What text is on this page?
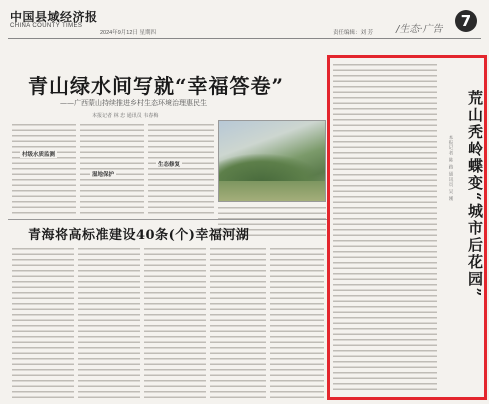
中国县域经济报
CHINA COUNTY TIMES
2024年9月12日 星期四	责任编辑：刘 芳 /生态·广告	7
青山绿水间写就“幸福答卷”
——广西蒙山持续推进乡村生态环境治理惠民生
本报记者 林 忠 通讯员 韦春梅
村级水质监测
湿地保护
生态修复
青海将高标准建设40条(个)幸福河湖	荒山秃岭蝶变“城市后花园”
本报记者 陈 路 通讯员 吴 刚
